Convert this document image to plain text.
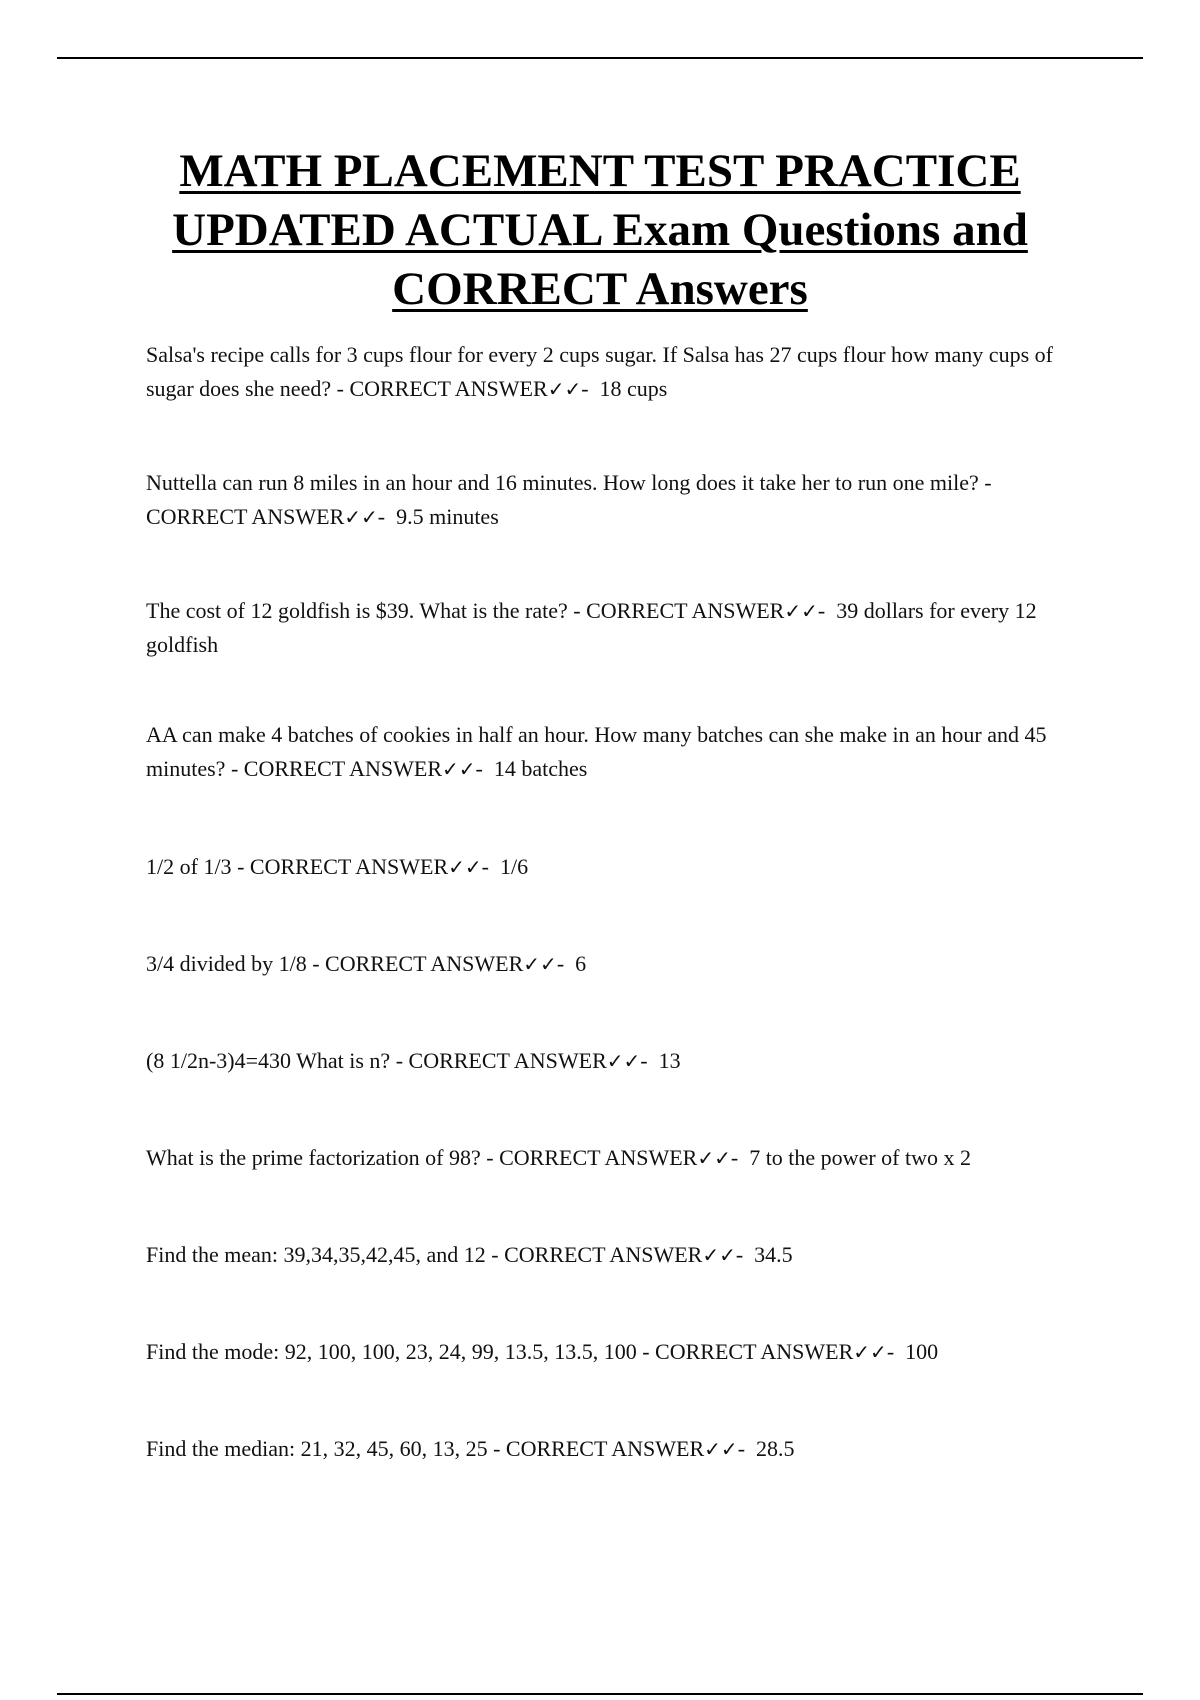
MATH PLACEMENT TEST PRACTICE
UPDATED ACTUAL Exam Questions and
CORRECT Answers
Salsa's recipe calls for 3 cups flour for every 2 cups sugar. If Salsa has 27 cups flour how many cups of sugar does she need? - CORRECT ANSWER✓✓-  18 cups
Nuttella can run 8 miles in an hour and 16 minutes. How long does it take her to run one mile? - CORRECT ANSWER✓✓-  9.5 minutes
The cost of 12 goldfish is $39. What is the rate? - CORRECT ANSWER✓✓-  39 dollars for every 12 goldfish
AA can make 4 batches of cookies in half an hour. How many batches can she make in an hour and 45 minutes? - CORRECT ANSWER✓✓-  14 batches
1/2 of 1/3 - CORRECT ANSWER✓✓-  1/6
3/4 divided by 1/8 - CORRECT ANSWER✓✓-  6
(8 1/2n-3)4=430 What is n? - CORRECT ANSWER✓✓-  13
What is the prime factorization of 98? - CORRECT ANSWER✓✓-  7 to the power of two x 2
Find the mean: 39,34,35,42,45, and 12 - CORRECT ANSWER✓✓-  34.5
Find the mode: 92, 100, 100, 23, 24, 99, 13.5, 13.5, 100 - CORRECT ANSWER✓✓-  100
Find the median: 21, 32, 45, 60, 13, 25 - CORRECT ANSWER✓✓-  28.5
